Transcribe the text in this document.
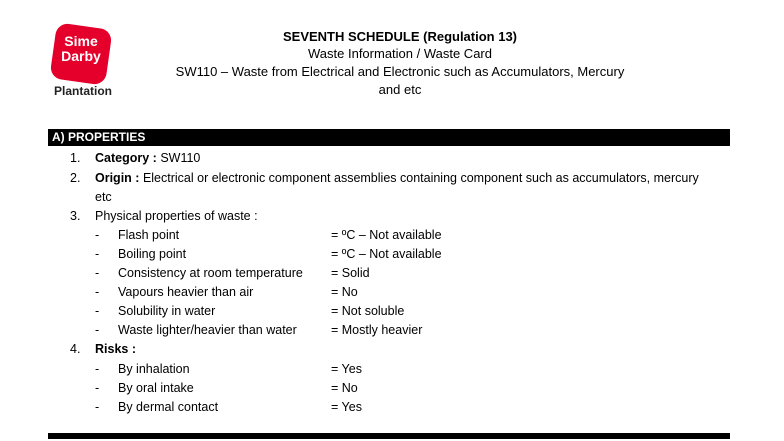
Sime
Darby
Plantation
SEVENTH SCHEDULE (Regulation 13)
Waste Information / Waste Card
SW110 – Waste from Electrical and Electronic such as Accumulators, Mercury
and etc
A) PROPERTIES
1.	Category : SW110
2.	Origin : Electrical or electronic component assemblies containing component such as accumulators, mercury
etc
3.	Physical properties of waste :
- Flash point	= ºC – Not available
- Boiling point	= ºC – Not available
- Consistency at room temperature = Solid
- Vapours heavier than air	= No
- Solubility in water	= Not soluble
- Waste lighter/heavier than water	= Mostly heavier
4.	Risks :
- By inhalation	= Yes
- By oral intake	= No
- By dermal contact	= Yes
